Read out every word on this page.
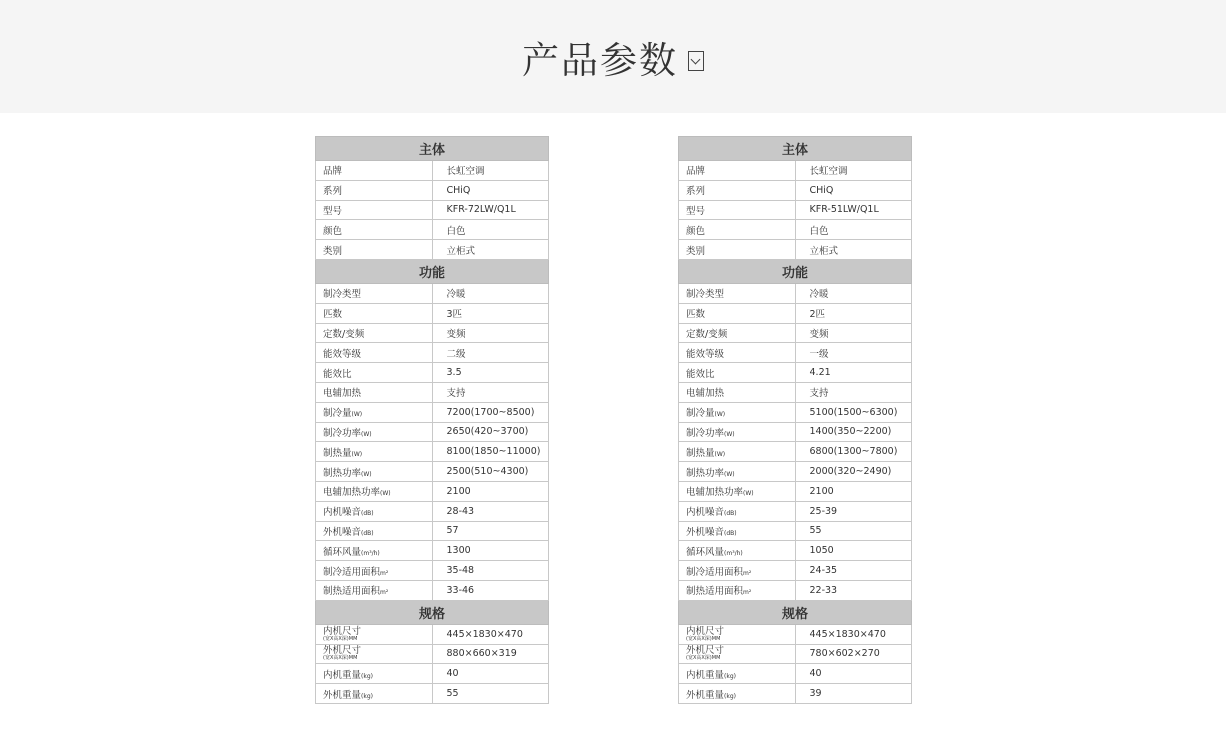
产品参数
主体	
品牌	长虹空调
系列	CHiQ
型号	KFR-72LW/Q1L
颜色	白色
类别	立柜式
功能	
制冷类型	冷暖
匹数	3匹
定数/变频	变频
能效等级	二级
能效比	3.5
电辅加热	支持
制冷量(W)	7200(1700~8500)
制冷功率(W)	2650(420~3700)
制热量(W)	8100(1850~11000)
制热功率(W)	2500(510~4300)
电辅加热功率(W)	2100
内机噪音(dB)	28-43
外机噪音(dB)	57
循环风量(m³/h)	1300
制冷适用面积m²	35-48
制热适用面积m²	33-46
规格	
内机尺寸
(宽X高X深)MM	445×1830×470
外机尺寸
(宽X高X深)MM	880×660×319
内机重量(kg)	40
外机重量(kg)	55
主体	
品牌	长虹空调
系列	CHiQ
型号	KFR-51LW/Q1L
颜色	白色
类别	立柜式
功能	
制冷类型	冷暖
匹数	2匹
定数/变频	变频
能效等级	一级
能效比	4.21
电辅加热	支持
制冷量(W)	5100(1500~6300)
制冷功率(W)	1400(350~2200)
制热量(W)	6800(1300~7800)
制热功率(W)	2000(320~2490)
电辅加热功率(W)	2100
内机噪音(dB)	25-39
外机噪音(dB)	55
循环风量(m³/h)	1050
制冷适用面积m²	24-35
制热适用面积m²	22-33
规格	
内机尺寸
(宽X高X深)MM	445×1830×470
外机尺寸
(宽X高X深)MM	780×602×270
内机重量(kg)	40
外机重量(kg)	39
